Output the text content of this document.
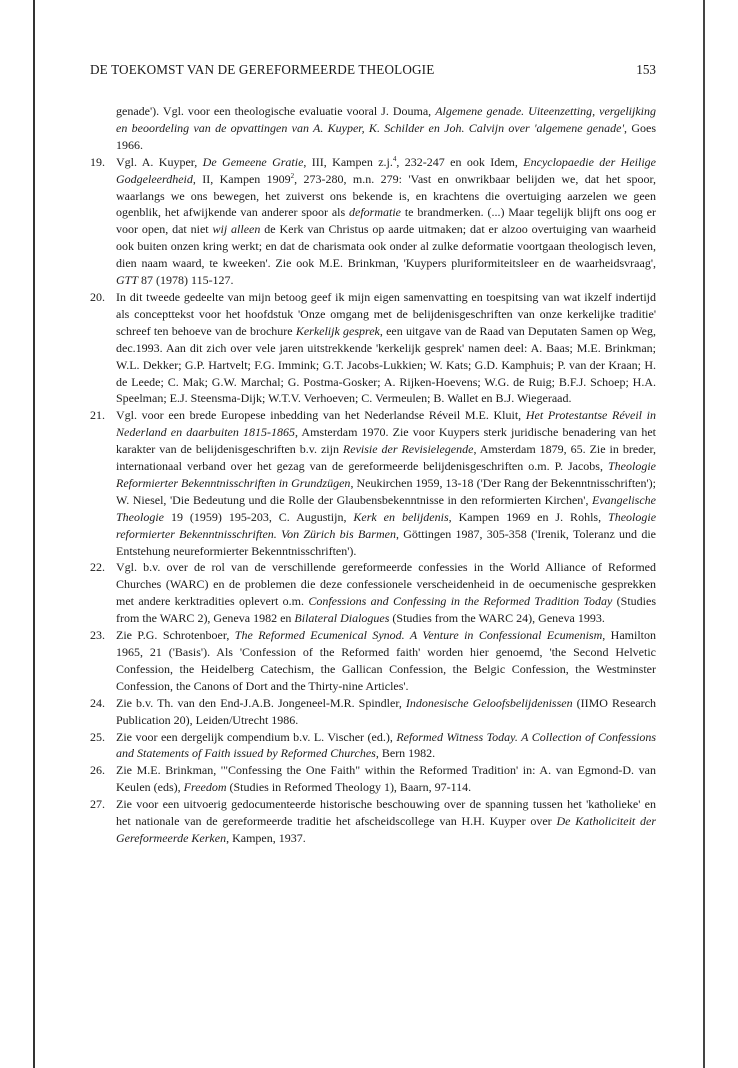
DE TOEKOMST VAN DE GEREFORMEERDE THEOLOGIE	153
genade'). Vgl. voor een theologische evaluatie vooral J. Douma, Algemene genade. Uiteenzetting, vergelijking en beoordeling van de opvattingen van A. Kuyper, K. Schilder en Joh. Calvijn over 'algemene genade', Goes 1966.
19. Vgl. A. Kuyper, De Gemeene Gratie, III, Kampen z.j.$^4$, 232-247 en ook Idem, Encyclopaedie der Heilige Godgeleerdheid, II, Kampen 1909$^2$, 273-280, m.n. 279: 'Vast en onwrikbaar belijden we, dat het spoor, waarlangs we ons bewegen, het zuiverst ons bekende is, en krachtens die overtuiging aarzelen we geen ogenblik, het afwijkende van anderer spoor als deformatie te brandmerken. (...) Maar tegelijk blijft ons oog er voor open, dat niet wij alleen de Kerk van Christus op aarde uitmaken; dat er alzoo overtuiging van waarheid ook buiten onzen kring werkt; en dat de charismata ook onder al zulke deformatie voortgaan theologisch leven, dien naam waard, te kweeken'. Zie ook M.E. Brinkman, 'Kuypers pluriformiteitsleer en de waarheidsvraag', GTT 87 (1978) 115-127.
20. In dit tweede gedeelte van mijn betoog geef ik mijn eigen samenvatting en toespitsing van wat ikzelf indertijd als concepttekst voor het hoofdstuk 'Onze omgang met de belijdenisgeschriften van onze kerkelijke traditie' schreef ten behoeve van de brochure Kerkelijk gesprek, een uitgave van de Raad van Deputaten Samen op Weg, dec.1993. Aan dit zich over vele jaren uitstrekkende 'kerkelijk gesprek' namen deel: A. Baas; M.E. Brinkman; W.L. Dekker; G.P. Hartvelt; F.G. Immink; G.T. Jacobs-Lukkien; W. Kats; G.D. Kamphuis; P. van der Kraan; H. de Leede; C. Mak; G.W. Marchal; G. Postma-Gosker; A. Rijken-Hoevens; W.G. de Ruig; B.F.J. Schoep; H.A. Speelman; E.J. Steensma-Dijk; W.T.V. Verhoeven; C. Vermeulen; B. Wallet en B.J. Wiegeraad.
21. Vgl. voor een brede Europese inbedding van het Nederlandse Réveil M.E. Kluit, Het Protestantse Réveil in Nederland en daarbuiten 1815-1865, Amsterdam 1970. Zie voor Kuypers sterk juridische benadering van het karakter van de belijdenisgeschriften b.v. zijn Revisie der Revisielegende, Amsterdam 1879, 65. Zie in breder, internationaal verband over het gezag van de gereformeerde belijdenisgeschriften o.m. P. Jacobs, Theologie Reformierter Bekenntnisschriften in Grundzügen, Neukirchen 1959, 13-18 ('Der Rang der Bekenntnisschriften'); W. Niesel, 'Die Bedeutung und die Rolle der Glaubensbekenntnisse in den reformierten Kirchen', Evangelische Theologie 19 (1959) 195-203, C. Augustijn, Kerk en belijdenis, Kampen 1969 en J. Rohls, Theologie reformierter Bekenntnisschriften. Von Zürich bis Barmen, Göttingen 1987, 305-358 ('Irenik, Toleranz und die Entstehung neureformierter Bekenntnisschriften').
22. Vgl. b.v. over de rol van de verschillende gereformeerde confessies in the World Alliance of Reformed Churches (WARC) en de problemen die deze confessionele verscheidenheid in de oecumenische gesprekken met andere kerktradities oplevert o.m. Confessions and Confessing in the Reformed Tradition Today (Studies from the WARC 2), Geneva 1982 en Bilateral Dialogues (Studies from the WARC 24), Geneva 1993.
23. Zie P.G. Schrotenboer, The Reformed Ecumenical Synod. A Venture in Confessional Ecumenism, Hamilton 1965, 21 ('Basis'). Als 'Confession of the Reformed faith' worden hier genoemd, 'the Second Helvetic Confession, the Heidelberg Catechism, the Gallican Confession, the Belgic Confession, the Westminster Confession, the Canons of Dort and the Thirty-nine Articles'.
24. Zie b.v. Th. van den End-J.A.B. Jongeneel-M.R. Spindler, Indonesische Geloofsbelijdenissen (IIMO Research Publication 20), Leiden/Utrecht 1986.
25. Zie voor een dergelijk compendium b.v. L. Vischer (ed.), Reformed Witness Today. A Collection of Confessions and Statements of Faith issued by Reformed Churches, Bern 1982.
26. Zie M.E. Brinkman, '"Confessing the One Faith" within the Reformed Tradition' in: A. van Egmond-D. van Keulen (eds), Freedom (Studies in Reformed Theology 1), Baarn, 97-114.
27. Zie voor een uitvoerig gedocumenteerde historische beschouwing over de spanning tussen het 'katholieke' en het nationale van de gereformeerde traditie het afscheidscollege van H.H. Kuyper over De Katholiciteit der Gereformeerde Kerken, Kampen, 1937.
